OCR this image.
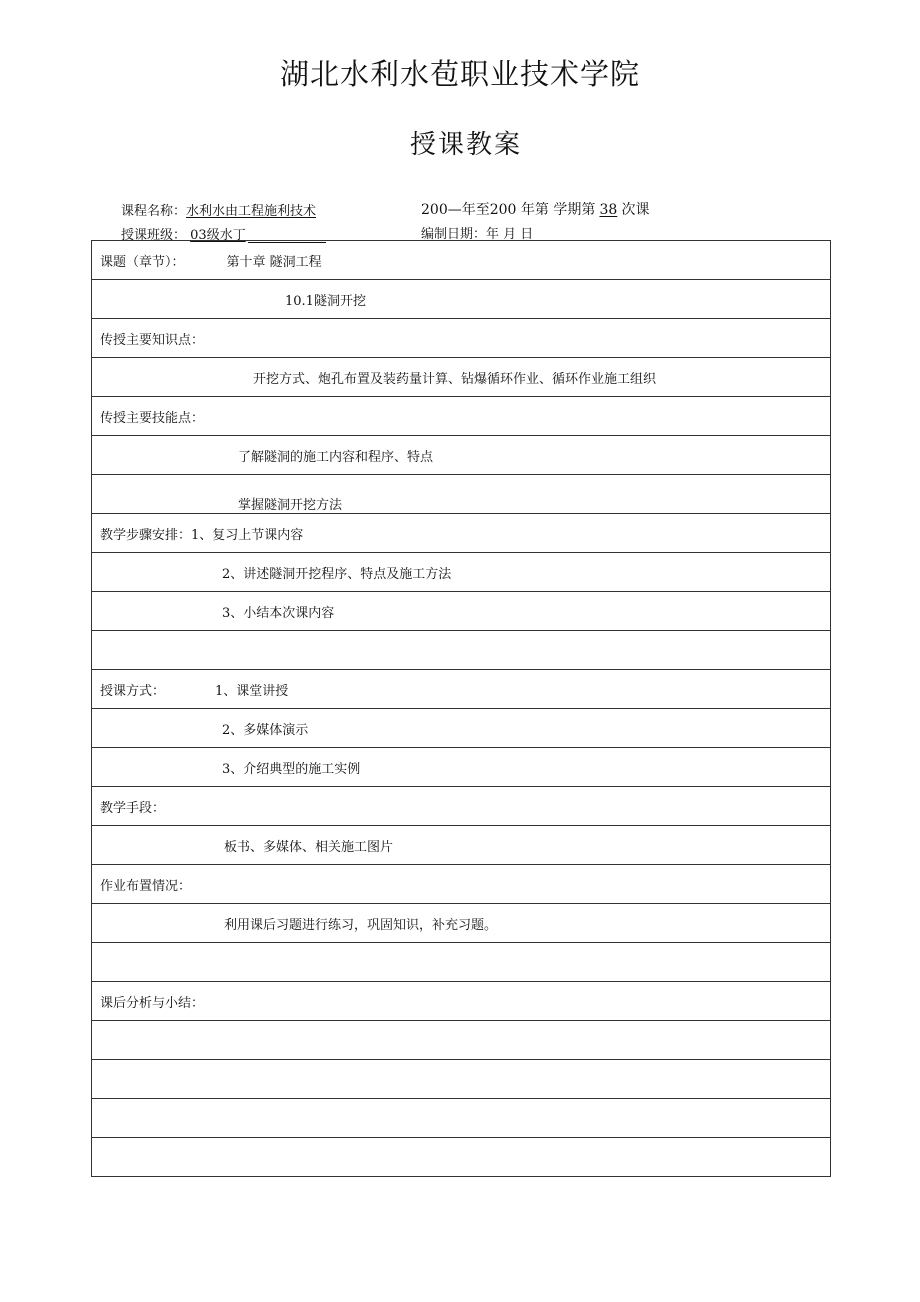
湖北水利水苞职业技术学院
授课教案
课程名称：水利水由工程施利技术	200—年至200 年第 学期第 38 次课
授课班级： 03级水丁	编制日期：年 月 日
课题（章节）：	第十章 隧洞工程
10.1隧洞开挖
传授主要知识点：
开挖方式、炮孔布置及装药量计算、钻爆循环作业、循环作业施工组织
传授主要技能点：
了解隧洞的施工内容和程序、特点
掌握隧洞开挖方法
教学步骤安排：1、复习上节课内容
2、讲述隧洞开挖程序、特点及施工方法
3、小结本次课内容

授课方式：	1、课堂讲授
2、多媒体演示
3、介绍典型的施工实例
教学手段：
板书、多媒体、相关施工图片
作业布置情况：
利用课后习题进行练习，巩固知识，补充习题。

课后分析与小结：
